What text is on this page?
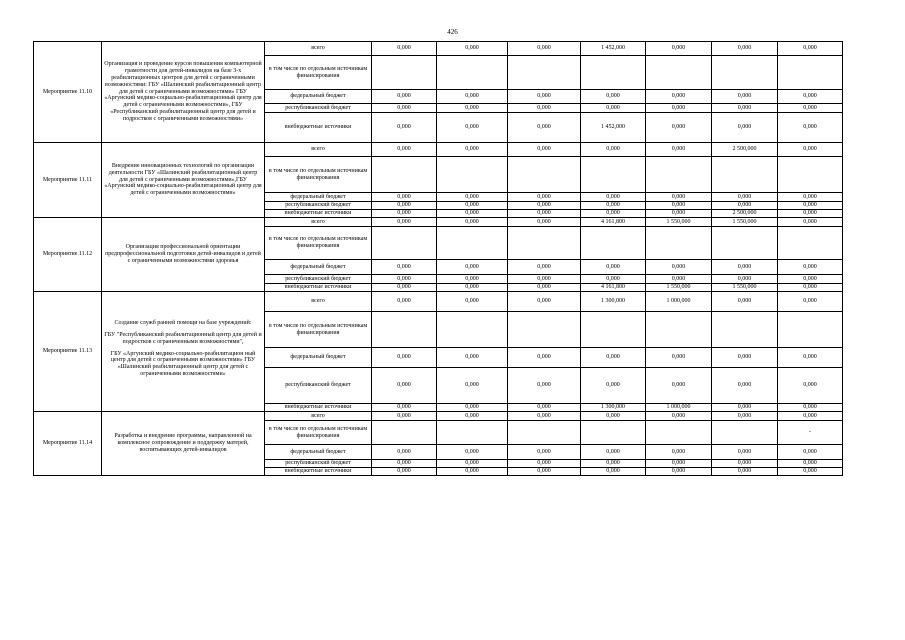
426
Мероприятие 11.10	Организация и проведение курсов повышения компьютерной грамотности для детей-инвалидов на базе 3-х реабилитационных центров для детей с ограниченными возможностями: ГБУ «Шалинский реабилитационный центр для детей с ограниченными возможностями» ГБУ «Аргунский медико-социально-реабилитационный центр для детей с ограниченными возможностями», ГБУ «Республиканский реабилитационный центр для детей и подростков с ограниченными возможностями»	всего	0,000	0,000	0,000	1 452,000	0,000	0,000	0,000
		в том числе по отдельным источникам финансирования							
		федеральный бюджет	0,000	0,000	0,000	0,000	0,000	0,000	0,000
		республиканский бюджет	0,000	0,000	0,000	0,000	0,000	0,000	0,000
		внебюджетные источники	0,000	0,000	0,000	1 452,000	0,000	0,000	0,000
Мероприятие 11.11	Внедрение инновационных технологий по организации деятельности ГБУ «Шалинский реабилитационный центр для детей с ограниченными возможностями»,ГБУ «Аргунский медико-социально-реабилитационный центр для детей с ограниченными возможностями»	всего	0,000	0,000	0,000	0,000	0,000	2 500,000	0,000
		в том числе по отдельным источникам финансирования							
		федеральный бюджет	0,000	0,000	0,000	0,000	0,000	0,000	0,000
		республиканский бюджет	0,000	0,000	0,000	0,000	0,000	0,000	0,000
		внебюджетные источники	0,000	0,000	0,000	0,000	0,000	2 500,000	0,000
Мероприятие 11.12	Организация профессиональной ориентации предпрофессиональной подготовки детей-инвалидов и детей с ограниченными возможностями здоровья	всего	0,000	0,000	0,000	4 161,800	1 550,000	1 550,000	0,000
		в том числе по отдельным источникам финансирования							
		федеральный бюджет	0,000	0,000	0,000	0,000	0,000	0,000	0,000
		республиканский бюджет	0,000	0,000	0,000	0,000	0,000	0,000	0,000
		внебюджетные источники	0,000	0,000	0,000	4 161,800	1 550,000	1 550,000	0,000
Мероприятие 11.13	Создание служб ранней помощи на базе учреждений:
ГБУ "Республиканский реабилитационный центр для детей и подростков с ограниченными возможностями",
ГБУ «Аргунский медико-социально-реабилитацион ный центр для детей с ограниченными возможностями» ГБУ «Шалинский реабилитационный центр для детей с ограниченными возможностями»	всего	0,000	0,000	0,000	1 300,000	1 000,000	0,000	0,000
		в том числе по отдельным источникам финансирования							
		федеральный бюджет	0,000	0,000	0,000	0,000	0,000	0,000	0,000
		республиканский бюджет	0,000	0,000	0,000	0,000	0,000	0,000	0,000
		внебюджетные источники	0,000	0,000	0,000	1 300,000	1 000,000	0,000	0,000
Мероприятие 11.14	Разработка и внедрение программы, направленной на комплексное сопровождение и поддержку матерей, воспитывающих детей-инвалидов	всего	0,000	0,000	0,000	0,000	0,000	0,000	0,000
		в том числе по отдельным источникам финансирования							-
		федеральный бюджет	0,000	0,000	0,000	0,000	0,000	0,000	0,000
		республиканский бюджет	0,000	0,000	0,000	0,000	0,000	0,000	0,000
		внебюджетные источники	0,000	0,000	0,000	0,000	0,000	0,000	0,000
